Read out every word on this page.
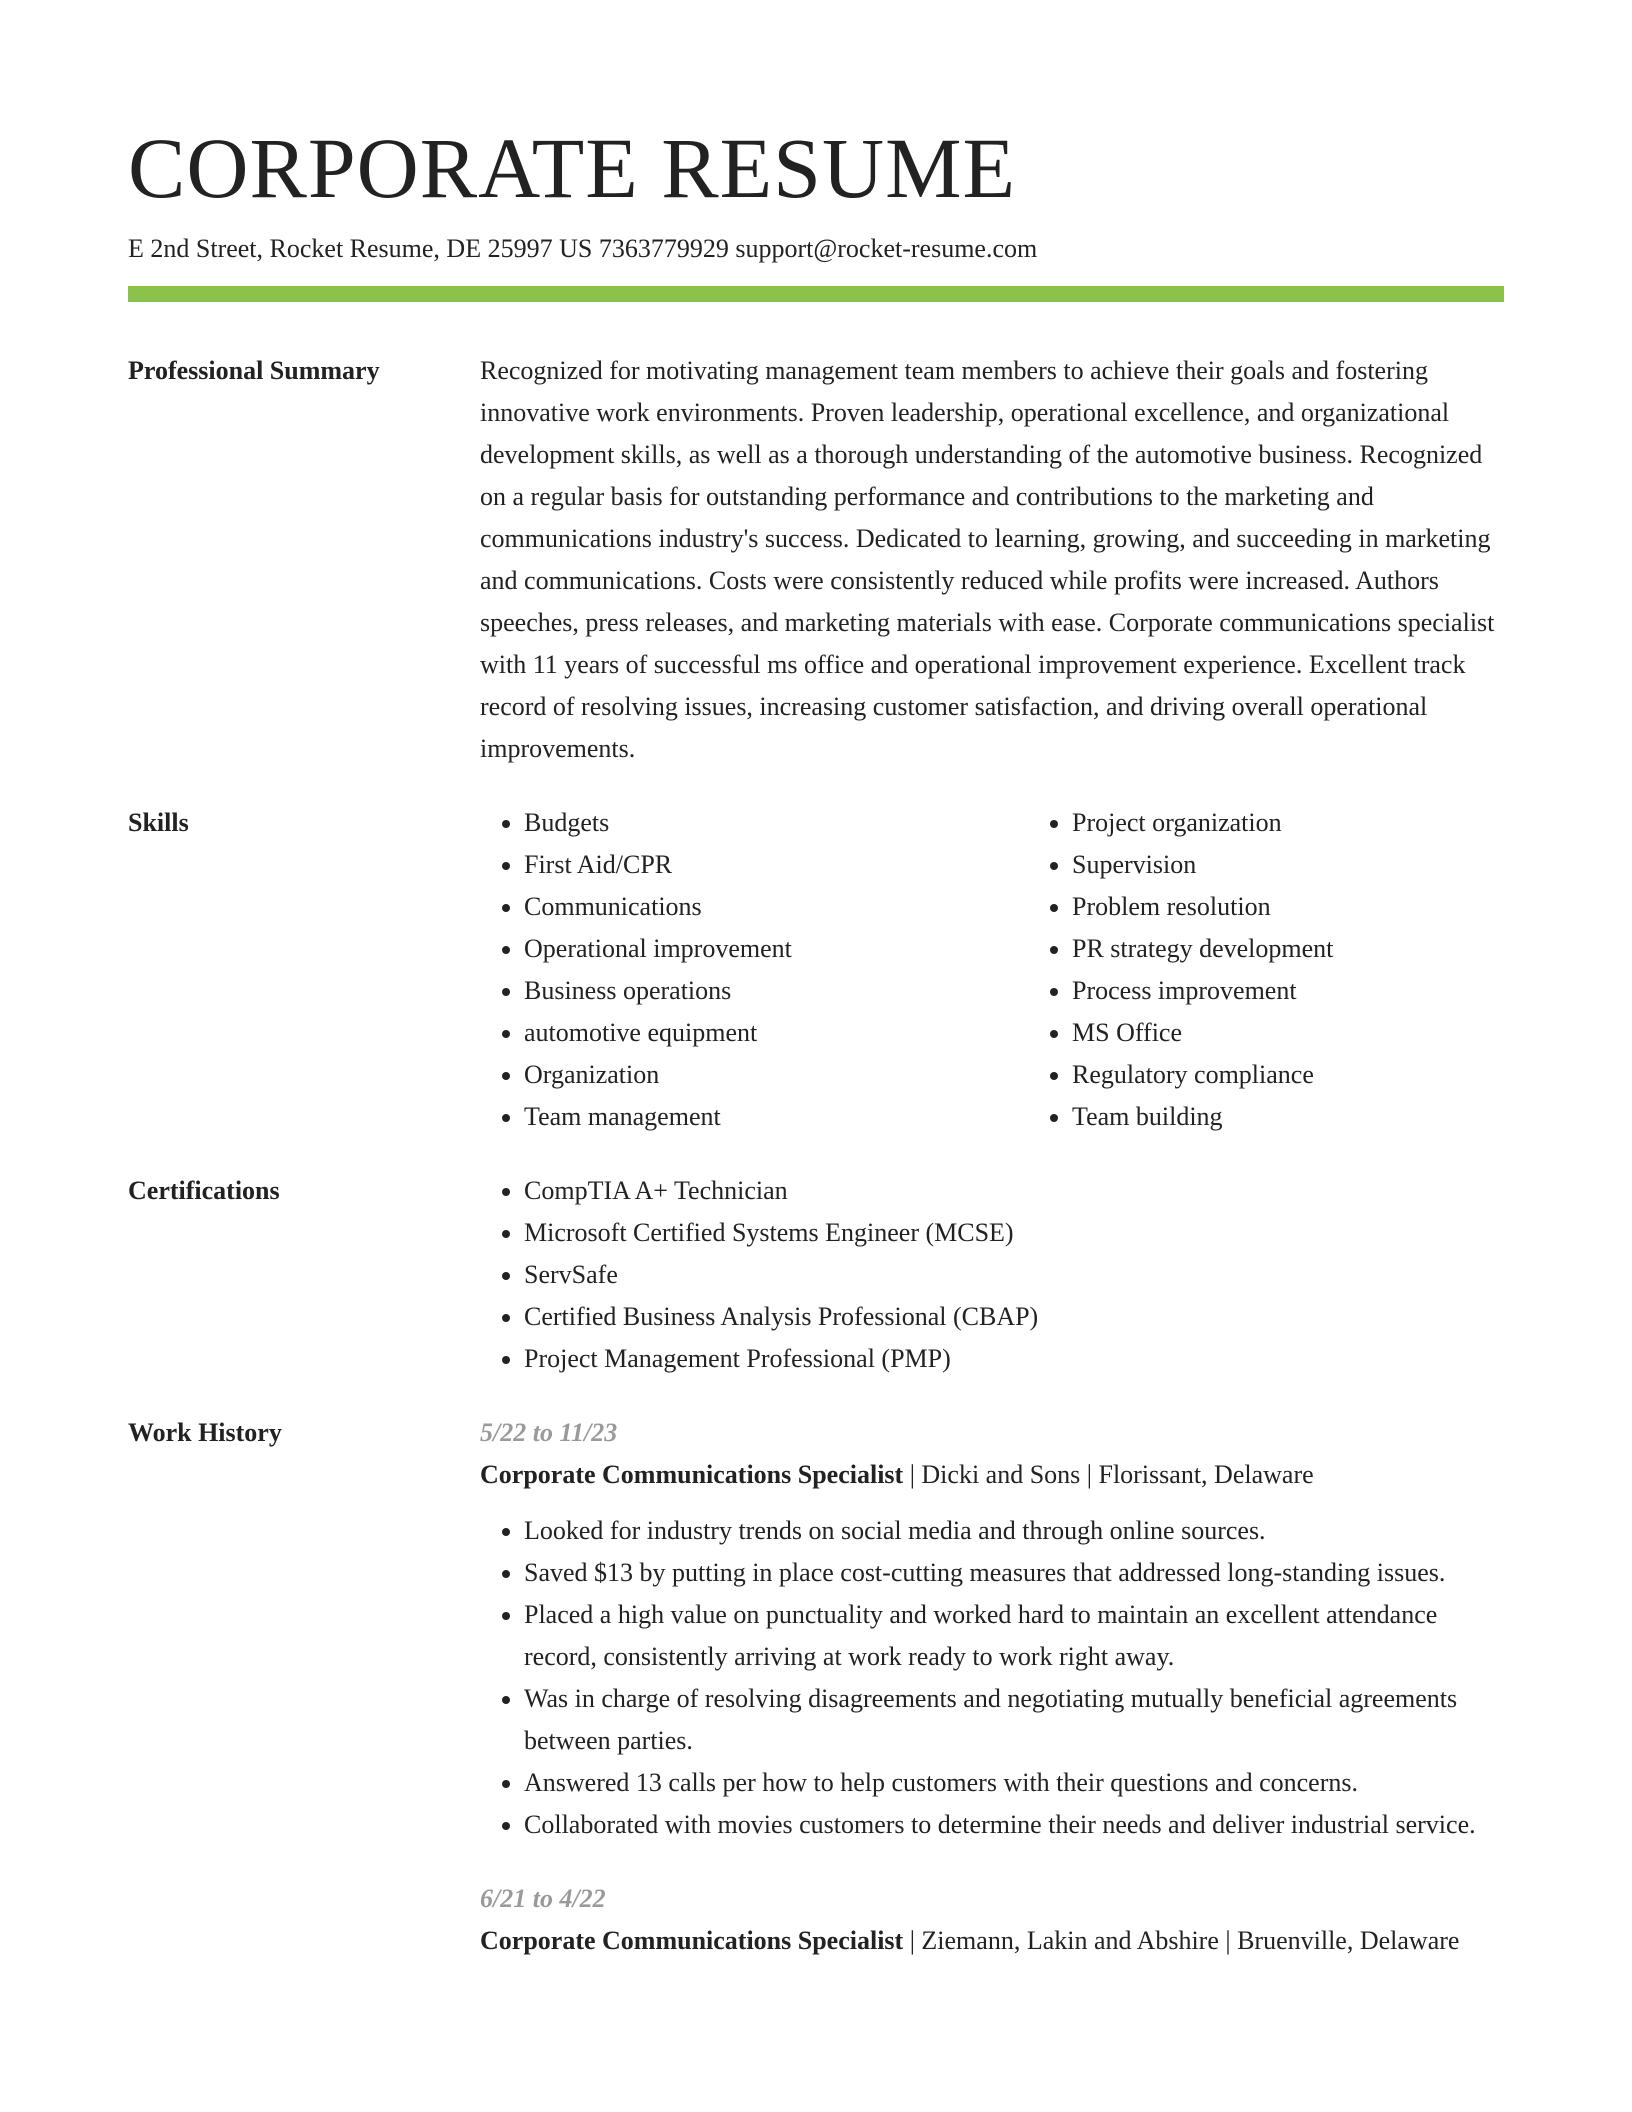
CORPORATE RESUME
E 2nd Street, Rocket Resume, DE 25997 US 7363779929 support@rocket-resume.com
Professional Summary	Recognized for motivating management team members to achieve their goals and fostering innovative work environments. Proven leadership, operational excellence, and organizational development skills, as well as a thorough understanding of the automotive business. Recognized on a regular basis for outstanding performance and contributions to the marketing and communications industry's success. Dedicated to learning, growing, and succeeding in marketing and communications. Costs were consistently reduced while profits were increased. Authors speeches, press releases, and marketing materials with ease. Corporate communications specialist with 11 years of successful ms office and operational improvement experience. Excellent track record of resolving issues, increasing customer satisfaction, and driving overall operational improvements.

Skills	• Budgets
• First Aid/CPR
• Communications
• Operational improvement
• Business operations
• automotive equipment
• Organization
• Team management
• Project organization
• Supervision
• Problem resolution
• PR strategy development
• Process improvement
• MS Office
• Regulatory compliance
• Team building
Certifications	• CompTIA A+ Technician
• Microsoft Certified Systems Engineer (MCSE)
• ServSafe
• Certified Business Analysis Professional (CBAP)
• Project Management Professional (PMP)
Work History	5/22 to 11/23
Corporate Communications Specialist | Dicki and Sons | Florissant, Delaware
• Looked for industry trends on social media and through online sources.
• Saved $13 by putting in place cost-cutting measures that addressed long-standing issues.
• Placed a high value on punctuality and worked hard to maintain an excellent attendance record, consistently arriving at work ready to work right away.
• Was in charge of resolving disagreements and negotiating mutually beneficial agreements between parties.
• Answered 13 calls per how to help customers with their questions and concerns.
• Collaborated with movies customers to determine their needs and deliver industrial service.
6/21 to 4/22
Corporate Communications Specialist | Ziemann, Lakin and Abshire | Bruenville, Delaware
